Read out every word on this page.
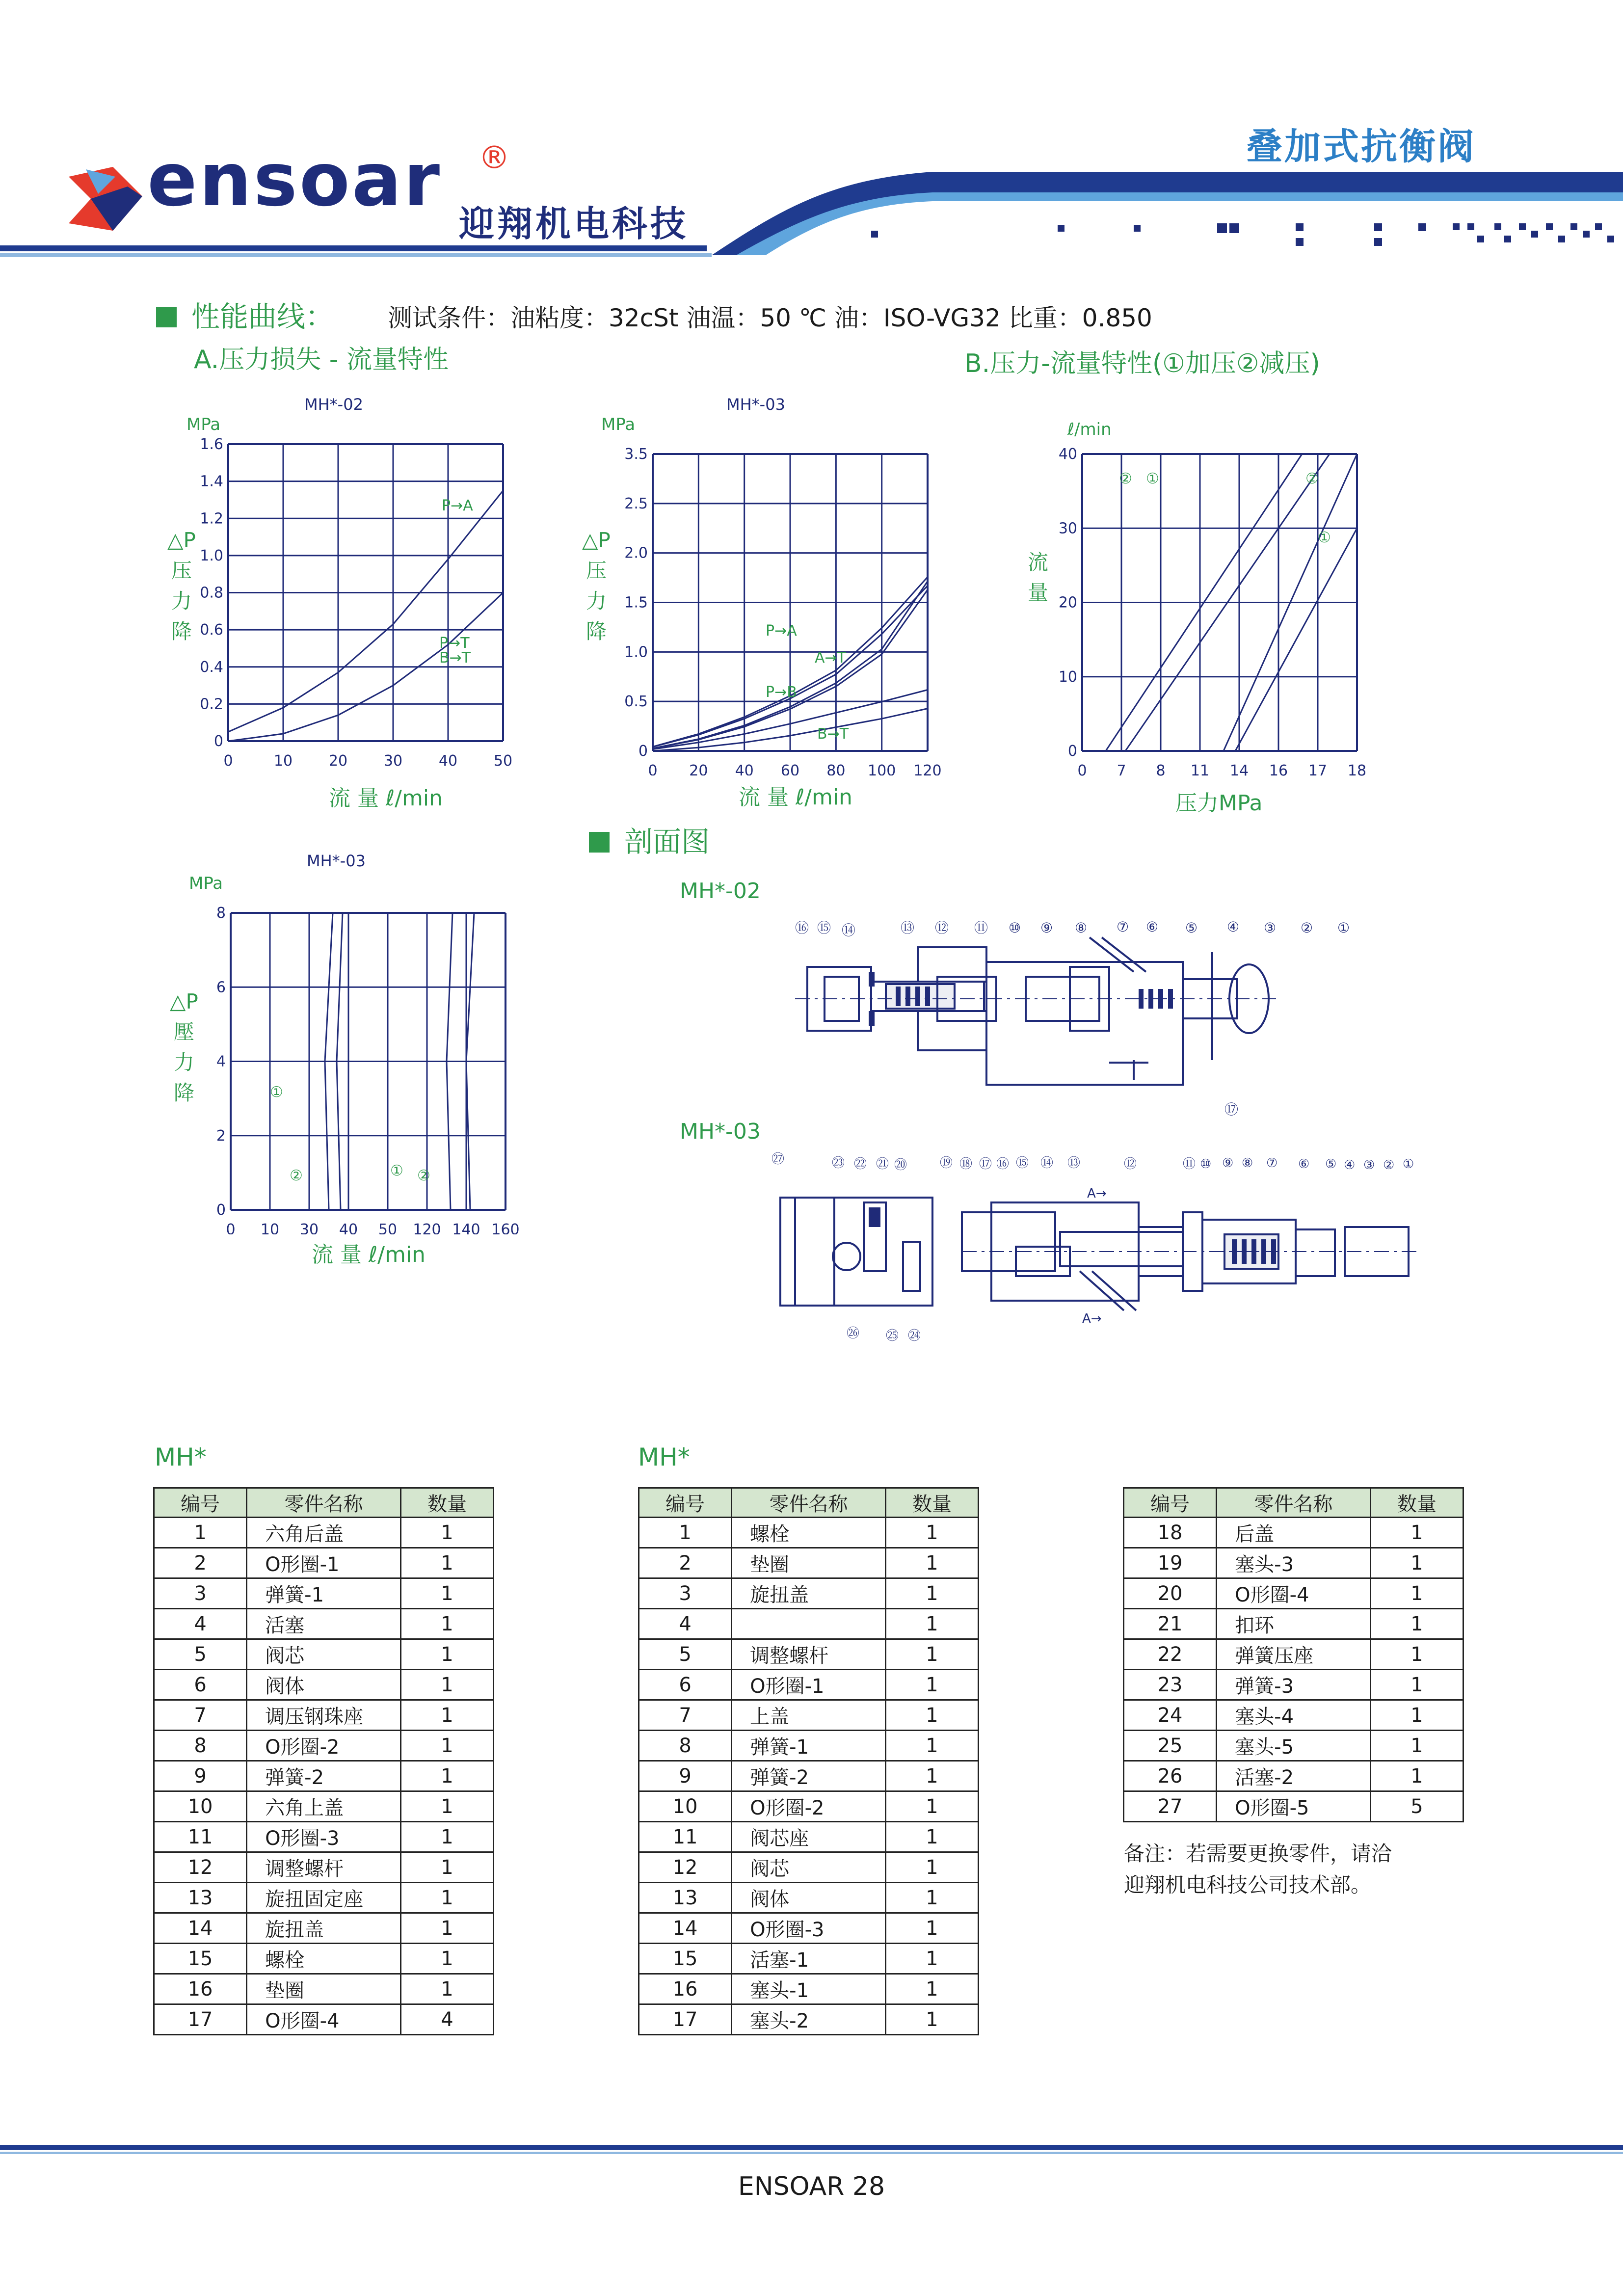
ensoar ®
迎翔机电科技
叠加式抗衡阀
性能曲线： 测试条件：油粘度：32cSt 油温：50 ℃ 油：ISO-VG32 比重：0.850
A.压力损失 - 流量特性	B.压力-流量特性(①加压②减压)
MH*-02
MPa
△P 压 力 降
0	10 20 30 40 50
0
0.2
0.4
0.6
0.8
1.0
1.2
1.4
1.6
P→A
P→T
B→T
流 量 ℓ/min
MH*-03
MPa
△P 压 力 降
0 20 40 60 80 100 120
0
0.5
1.0
1.5
2.0
2.5
3.5
P→A
A→T
P→B
B→T
流 量 ℓ/min
ℓ/min
流 量
0 7 8 11 14 16 17 18
0
10
20
30
40
② ①	②
①
压力MPa
剖面图
MH*-03
MPa
△P 壓 力 降
0 10 30 40 50 120 140 160
0
2
4
6
8
①
②	① ②
流 量 ℓ/min
MH*-02
⑯ ⑮ ⑭	⑬ ⑫ ⑪ ⑩ ⑨ ⑧ ⑦ ⑥ ⑤ ④ ③ ② ①
⑰
MH*-03
㉗	㉓ ㉒ ㉑ ⑳	⑲ ⑱ ⑰ ⑯ ⑮ ⑭ ⑬	⑫	⑪ ⑩ ⑨ ⑧ ⑦ ⑥ ⑤ ④ ③ ② ①
㉖ ㉕ ㉔
A→
A→
MH*
编号	零件名称	数量
1	六角后盖	1
2	O形圈-1	1
3	弹簧-1	1
4	活塞	1
5	阀芯	1
6	阀体	1
7	调压钢珠座	1
8	O形圈-2	1
9	弹簧-2	1
10	六角上盖	1
11	O形圈-3	1
12	调整螺杆	1
13	旋扭固定座	1
14	旋扭盖	1
15	螺栓	1
16	垫圈	1
17	O形圈-4	4
MH*
编号	零件名称	数量
1	螺栓	1
2	垫圈	1
3	旋扭盖	1
4		1
5	调整螺杆	1
6	O形圈-1	1
7	上盖	1
8	弹簧-1	1
9	弹簧-2	1
10	O形圈-2	1
11	阀芯座	1
12	阀芯	1
13	阀体	1
14	O形圈-3	1
15	活塞-1	1
16	塞头-1	1
17	塞头-2	1
编号	零件名称	数量
18	后盖	1
19	塞头-3	1
20	O形圈-4	1
21	扣环	1
22	弹簧压座	1
23	弹簧-3	1
24	塞头-4	1
25	塞头-5	1
26	活塞-2	1
27	O形圈-5	5
备注：若需要更换零件，请洽
迎翔机电科技公司技术部。
ENSOAR 28
